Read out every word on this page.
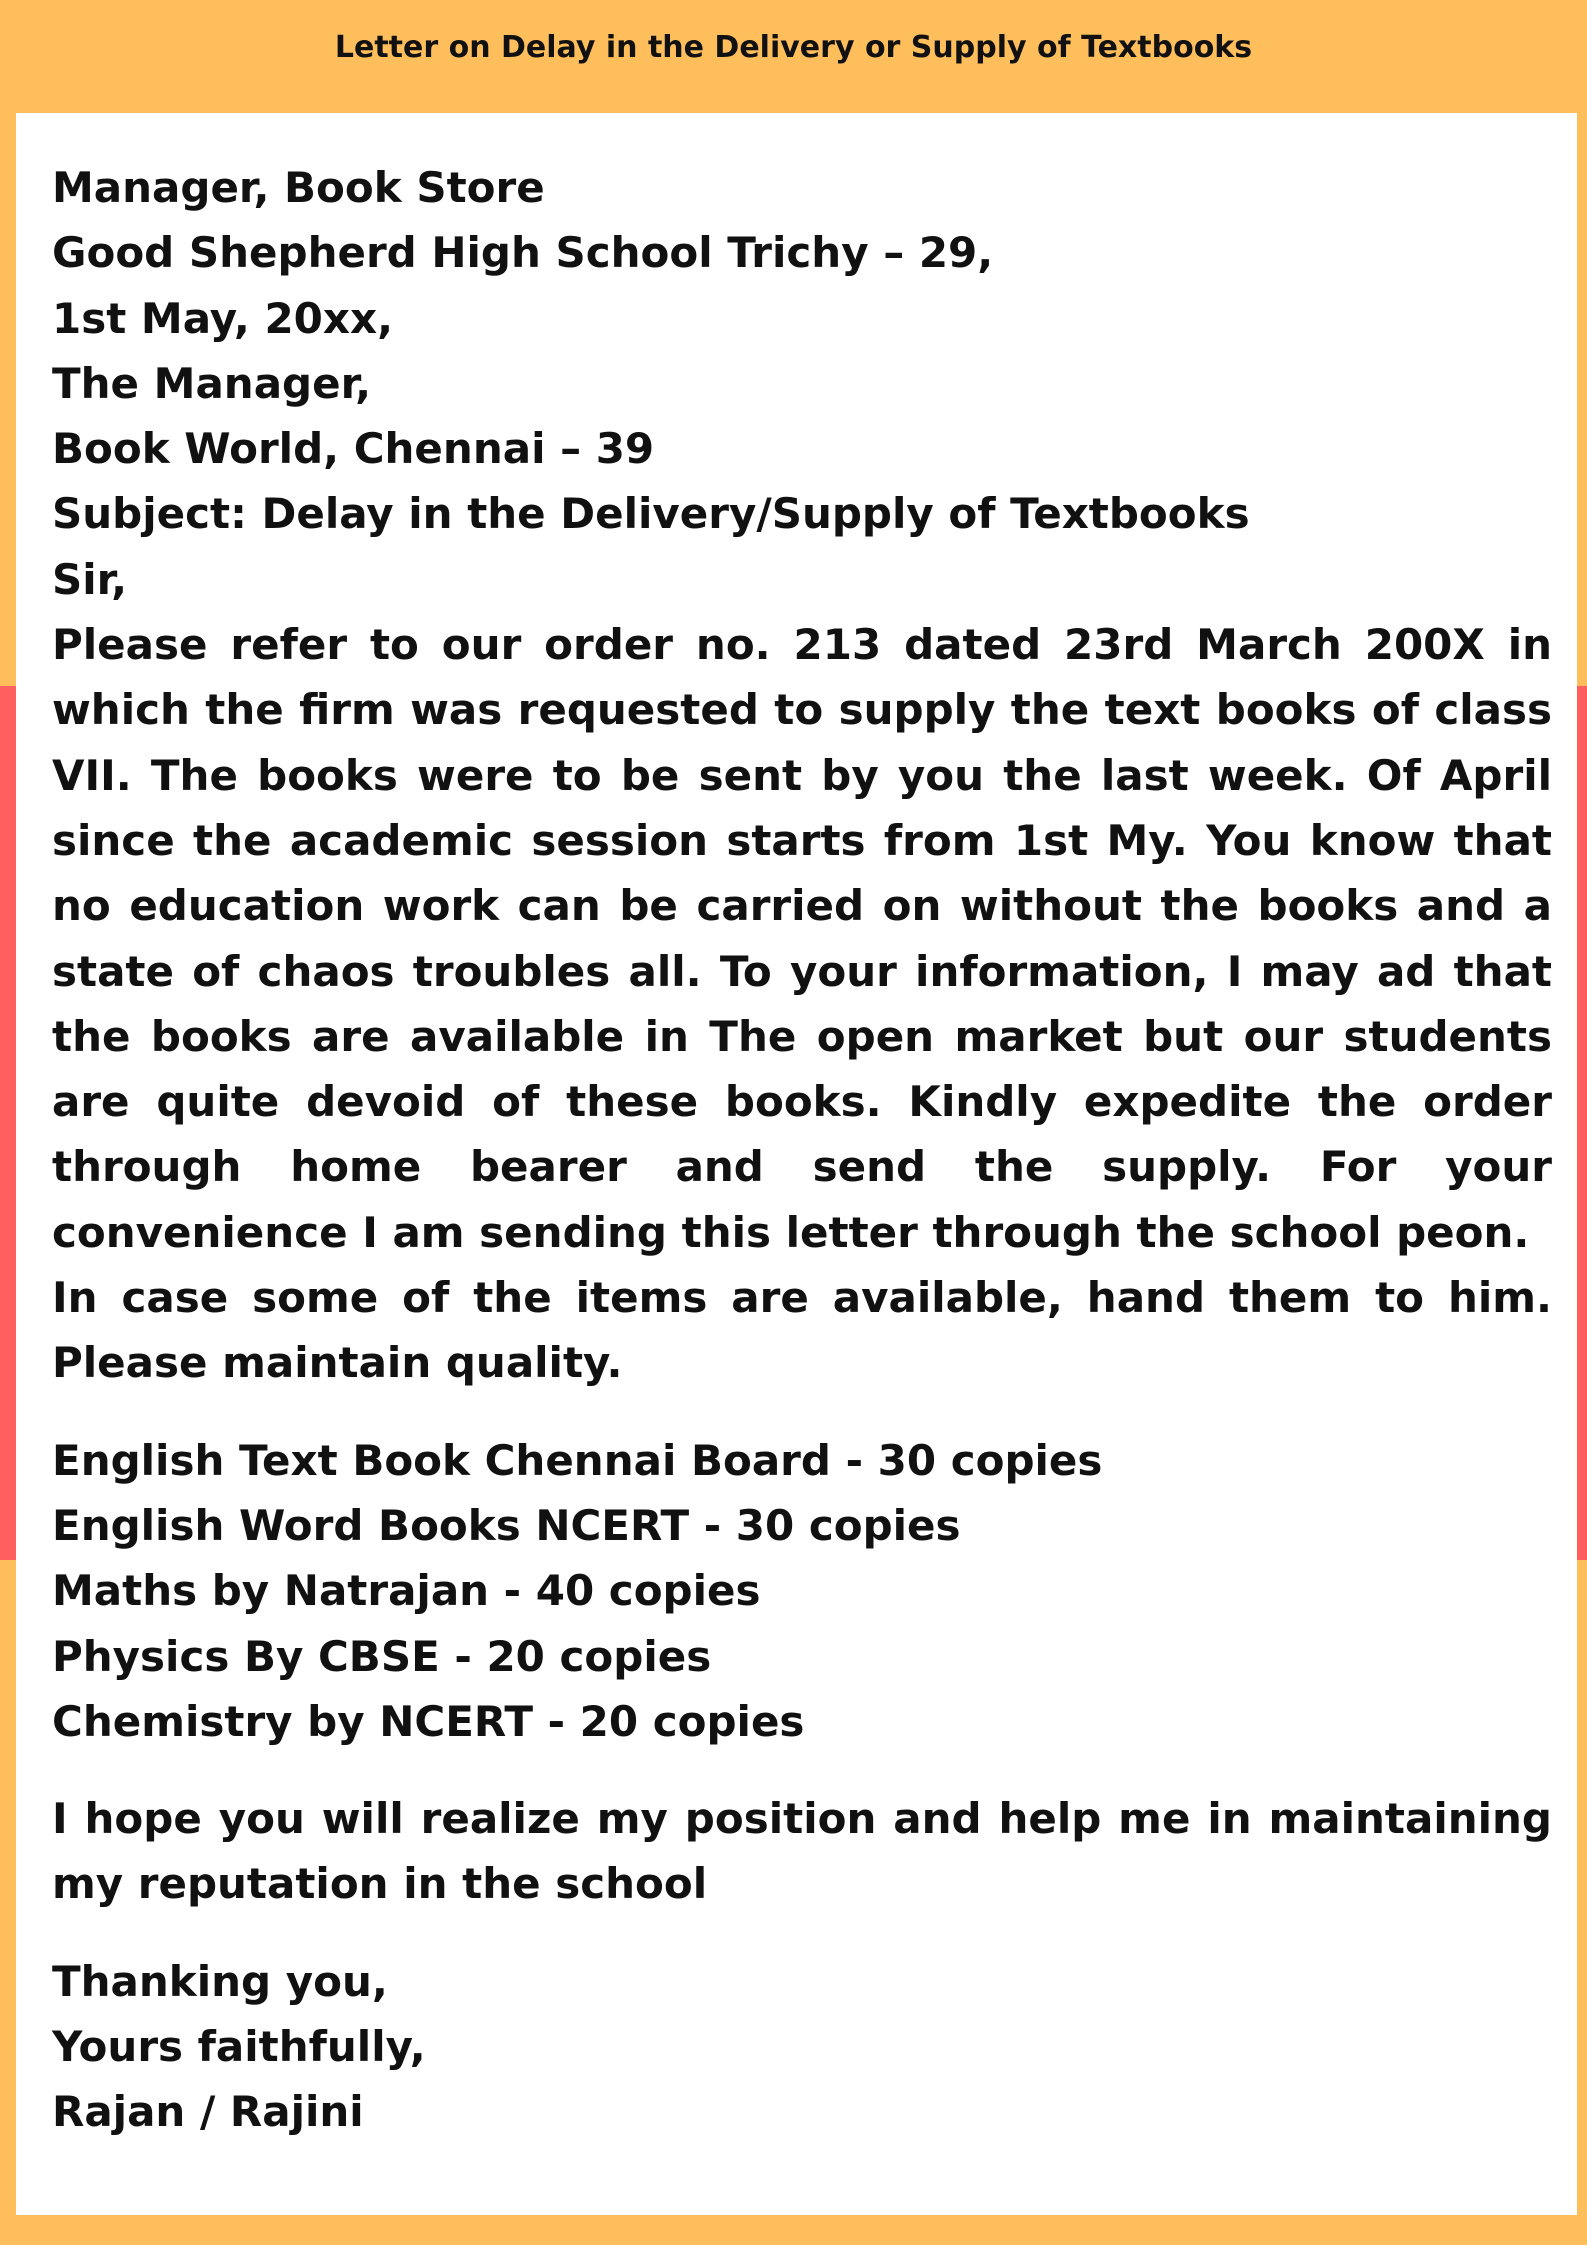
Letter on Delay in the Delivery or Supply of Textbooks
Manager, Book Store
Good Shepherd High School Trichy – 29,
1st May, 20xx,
The Manager,
Book World, Chennai – 39
Subject: Delay in the Delivery/Supply of Textbooks
Sir,

Please refer to our order no. 213 dated 23rd March 200X in which the firm was requested to supply the text books of class VII. The books were to be sent by you the last week. Of April since the academic session starts from 1st My. You know that no education work can be carried on without the books and a state of chaos troubles all. To your information, I may ad that the books are available in The open market but our students are quite devoid of these books. Kindly expedite the order through home bearer and send the supply. For your convenience I am sending this letter through the school peon.

In case some of the items are available, hand them to him. Please maintain quality.

English Text Book Chennai Board - 30 copies
English Word Books NCERT - 30 copies
Maths by Natrajan - 40 copies
Physics By CBSE - 20 copies
Chemistry by NCERT - 20 copies

I hope you will realize my position and help me in maintaining my reputation in the school

Thanking you,
Yours faithfully,
Rajan / Rajini
